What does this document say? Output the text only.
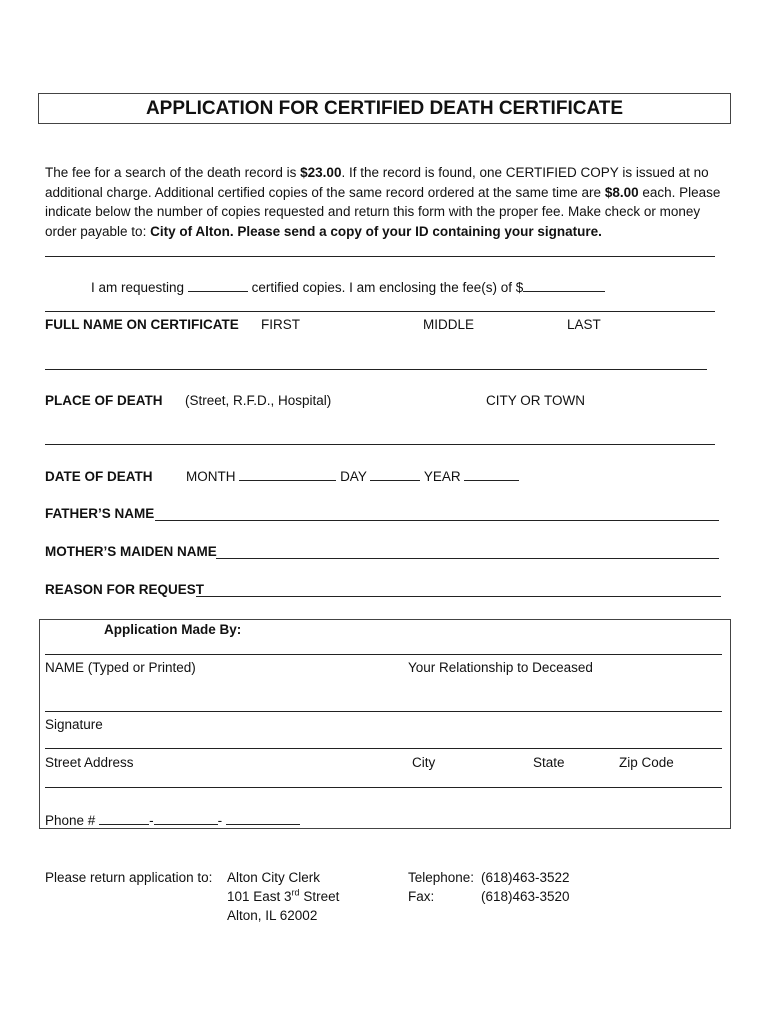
APPLICATION FOR CERTIFIED DEATH CERTIFICATE
The fee for a search of the death record is $23.00. If the record is found, one CERTIFIED COPY is issued at no additional charge. Additional certified copies of the same record ordered at the same time are $8.00 each. Please indicate below the number of copies requested and return this form with the proper fee. Make check or money order payable to: City of Alton. Please send a copy of your ID containing your signature.
I am requesting	certified copies. I am enclosing the fee(s) of $
FULL NAME ON CERTIFICATE FIRST	MIDDLE	LAST
PLACE OF DEATH (Street, R.F.D., Hospital)	CITY OR TOWN
DATE OF DEATH MONTH	DAY	YEAR
FATHER’S NAME
MOTHER’S MAIDEN NAME
REASON FOR REQUEST
Application Made By:
NAME (Typed or Printed)	Your Relationship to Deceased
Signature
Street Address	City	State	Zip Code
Phone #	-	-
Please return application to: Alton City Clerk
101 East 3rd Street
Alton, IL 62002
Telephone: (618)463-3522
Fax:	(618)463-3520
